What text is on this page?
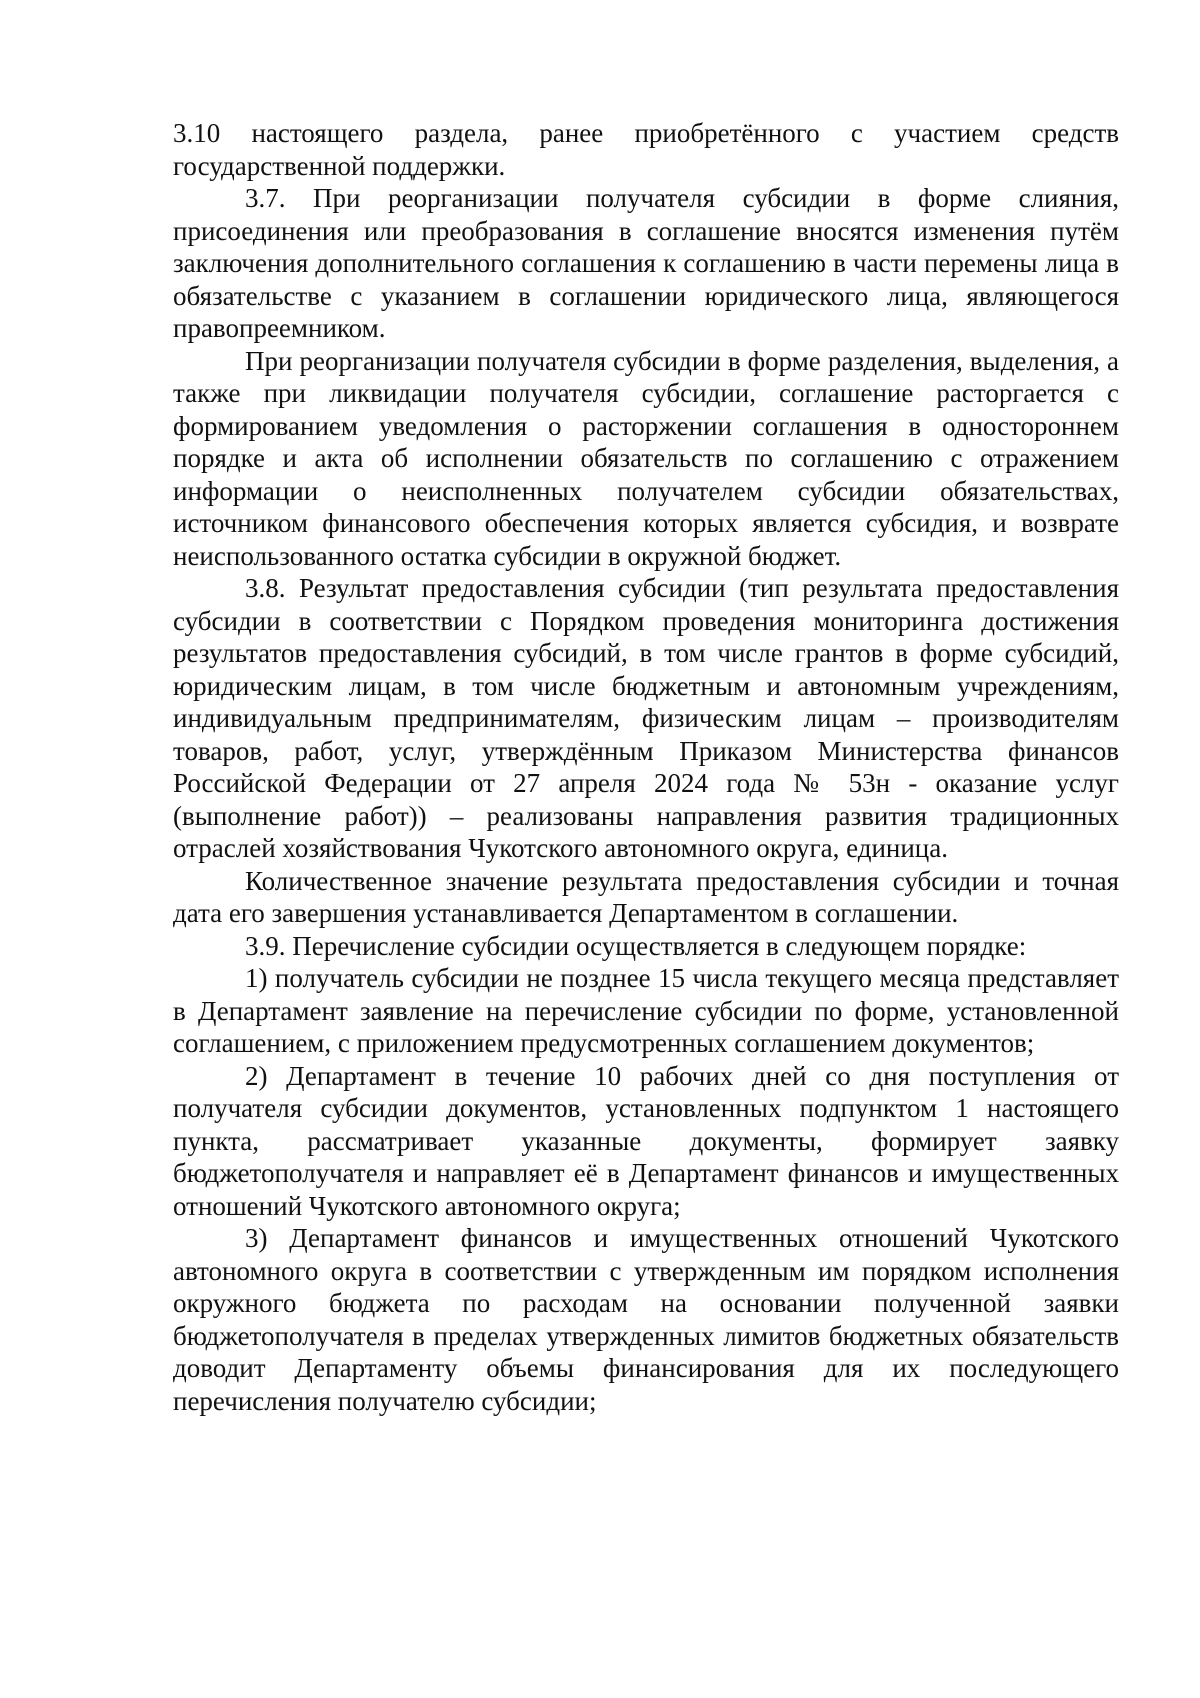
3.10 настоящего раздела, ранее приобретённого с участием средств государственной поддержки.

3.7. При реорганизации получателя субсидии в форме слияния, присоединения или преобразования в соглашение вносятся изменения путём заключения дополнительного соглашения к соглашению в части перемены лица в обязательстве с указанием в соглашении юридического лица, являющегося правопреемником.

При реорганизации получателя субсидии в форме разделения, выделения, а также при ликвидации получателя субсидии, соглашение расторгается с формированием уведомления о расторжении соглашения в одностороннем порядке и акта об исполнении обязательств по соглашению с отражением информации о неисполненных получателем субсидии обязательствах, источником финансового обеспечения которых является субсидия, и возврате неиспользованного остатка субсидии в окружной бюджет.

3.8. Результат предоставления субсидии (тип результата предоставления субсидии в соответствии с Порядком проведения мониторинга достижения результатов предоставления субсидий, в том числе грантов в форме субсидий, юридическим лицам, в том числе бюджетным и автономным учреждениям, индивидуальным предпринимателям, физическим лицам – производителям товаров, работ, услуг, утверждённым Приказом Министерства финансов Российской Федерации от 27 апреля 2024 года № 53н - оказание услуг (выполнение работ)) – реализованы направления развития традиционных отраслей хозяйствования Чукотского автономного округа, единица.

Количественное значение результата предоставления субсидии и точная дата его завершения устанавливается Департаментом в соглашении.

3.9. Перечисление субсидии осуществляется в следующем порядке:

1) получатель субсидии не позднее 15 числа текущего месяца представляет в Департамент заявление на перечисление субсидии по форме, установленной соглашением, с приложением предусмотренных соглашением документов;

2) Департамент в течение 10 рабочих дней со дня поступления от получателя субсидии документов, установленных подпунктом 1 настоящего пункта, рассматривает указанные документы, формирует заявку бюджетополучателя и направляет её в Департамент финансов и имущественных отношений Чукотского автономного округа;

3) Департамент финансов и имущественных отношений Чукотского автономного округа в соответствии с утвержденным им порядком исполнения окружного бюджета по расходам на основании полученной заявки бюджетополучателя в пределах утвержденных лимитов бюджетных обязательств доводит Департаменту объемы финансирования для их последующего перечисления получателю субсидии;
